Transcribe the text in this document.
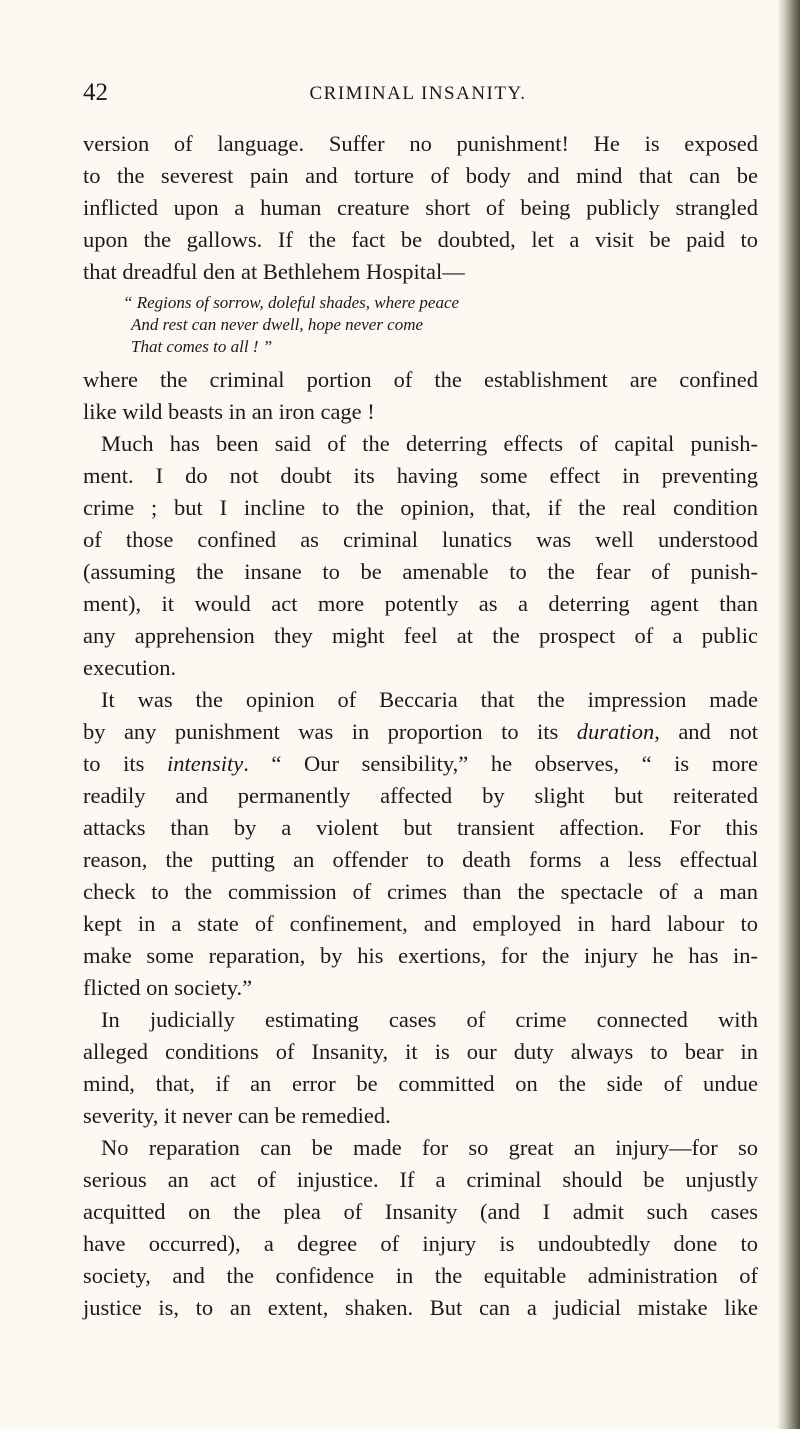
42	CRIMINAL INSANITY.
version of language. Suffer no punishment! He is exposed
to the severest pain and torture of body and mind that can be
inflicted upon a human creature short of being publicly strangled
upon the gallows. If the fact be doubted, let a visit be paid to
that dreadful den at Bethlehem Hospital—
“ Regions of sorrow, doleful shades, where peace
And rest can never dwell, hope never come
That comes to all ! ”
where the criminal portion of the establishment are confined
like wild beasts in an iron cage !
Much has been said of the deterring effects of capital punish-
ment. I do not doubt its having some effect in preventing
crime ; but I incline to the opinion, that, if the real condition
of those confined as criminal lunatics was well understood
(assuming the insane to be amenable to the fear of punish-
ment), it would act more potently as a deterring agent than
any apprehension they might feel at the prospect of a public
execution.
It was the opinion of Beccaria that the impression made
by any punishment was in proportion to its duration, and not
to its intensity. “ Our sensibility,” he observes, “ is more
readily and permanently affected by slight but reiterated
attacks than by a violent but transient affection. For this
reason, the putting an offender to death forms a less effectual
check to the commission of crimes than the spectacle of a man
kept in a state of confinement, and employed in hard labour to
make some reparation, by his exertions, for the injury he has in-
flicted on society.”
In judicially estimating cases of crime connected with
alleged conditions of Insanity, it is our duty always to bear in
mind, that, if an error be committed on the side of undue
severity, it never can be remedied.
No reparation can be made for so great an injury—for so
serious an act of injustice. If a criminal should be unjustly
acquitted on the plea of Insanity (and I admit such cases
have occurred), a degree of injury is undoubtedly done to
society, and the confidence in the equitable administration of
justice is, to an extent, shaken. But can a judicial mistake like
